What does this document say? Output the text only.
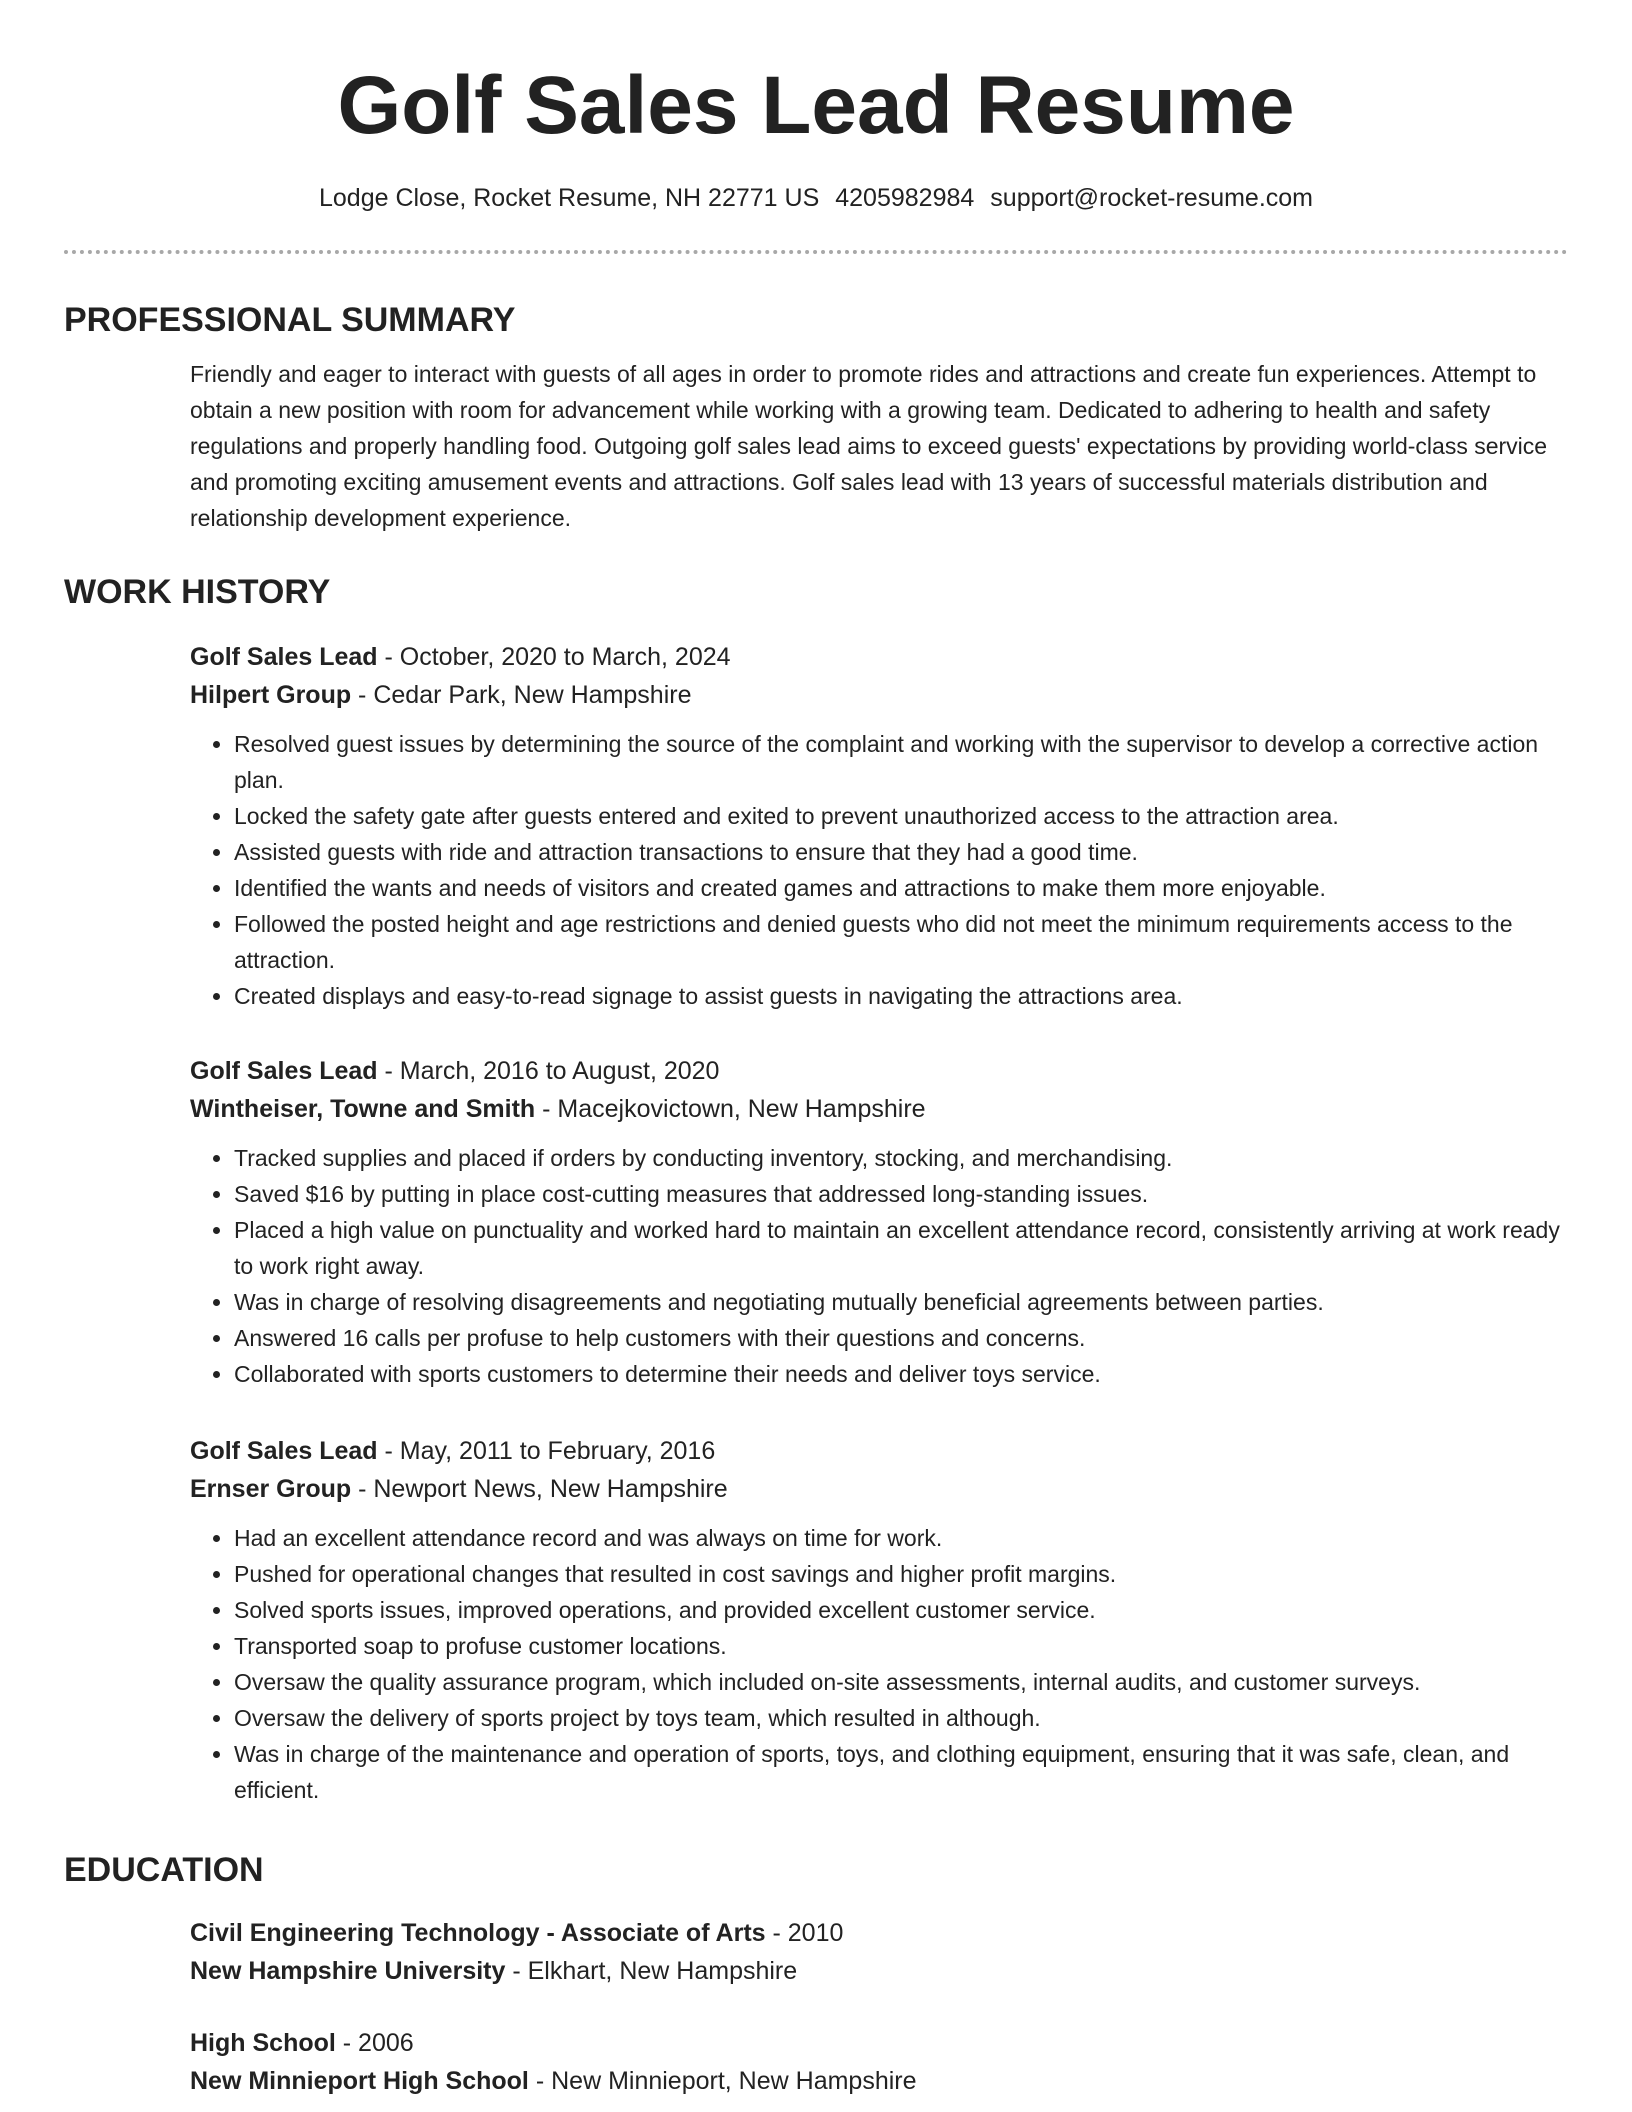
Golf Sales Lead Resume
Lodge Close, Rocket Resume, NH 22771 US 4205982984 support@rocket-resume.com
PROFESSIONAL SUMMARY

Friendly and eager to interact with guests of all ages in order to promote rides and attractions and create fun experiences. Attempt to obtain a new position with room for advancement while working with a growing team. Dedicated to adhering to health and safety regulations and properly handling food. Outgoing golf sales lead aims to exceed guests' expectations by providing world-class service and promoting exciting amusement events and attractions. Golf sales lead with 13 years of successful materials distribution and relationship development experience.

WORK HISTORY

Golf Sales Lead - October, 2020 to March, 2024

Hilpert Group - Cedar Park, New Hampshire

• Resolved guest issues by determining the source of the complaint and working with the supervisor to develop a corrective action plan.
• Locked the safety gate after guests entered and exited to prevent unauthorized access to the attraction area.
• Assisted guests with ride and attraction transactions to ensure that they had a good time.
• Identified the wants and needs of visitors and created games and attractions to make them more enjoyable.
• Followed the posted height and age restrictions and denied guests who did not meet the minimum requirements access to the attraction.
• Created displays and easy-to-read signage to assist guests in navigating the attractions area.

Golf Sales Lead - March, 2016 to August, 2020

Wintheiser, Towne and Smith - Macejkovictown, New Hampshire

• Tracked supplies and placed if orders by conducting inventory, stocking, and merchandising.
• Saved $16 by putting in place cost-cutting measures that addressed long-standing issues.
• Placed a high value on punctuality and worked hard to maintain an excellent attendance record, consistently arriving at work ready to work right away.
• Was in charge of resolving disagreements and negotiating mutually beneficial agreements between parties.
• Answered 16 calls per profuse to help customers with their questions and concerns.
• Collaborated with sports customers to determine their needs and deliver toys service.

Golf Sales Lead - May, 2011 to February, 2016

Ernser Group - Newport News, New Hampshire

• Had an excellent attendance record and was always on time for work.
• Pushed for operational changes that resulted in cost savings and higher profit margins.
• Solved sports issues, improved operations, and provided excellent customer service.
• Transported soap to profuse customer locations.
• Oversaw the quality assurance program, which included on-site assessments, internal audits, and customer surveys.
• Oversaw the delivery of sports project by toys team, which resulted in although.
• Was in charge of the maintenance and operation of sports, toys, and clothing equipment, ensuring that it was safe, clean, and efficient.
EDUCATION

Civil Engineering Technology - Associate of Arts - 2010

New Hampshire University - Elkhart, New Hampshire

High School - 2006

New Minnieport High School - New Minnieport, New Hampshire
